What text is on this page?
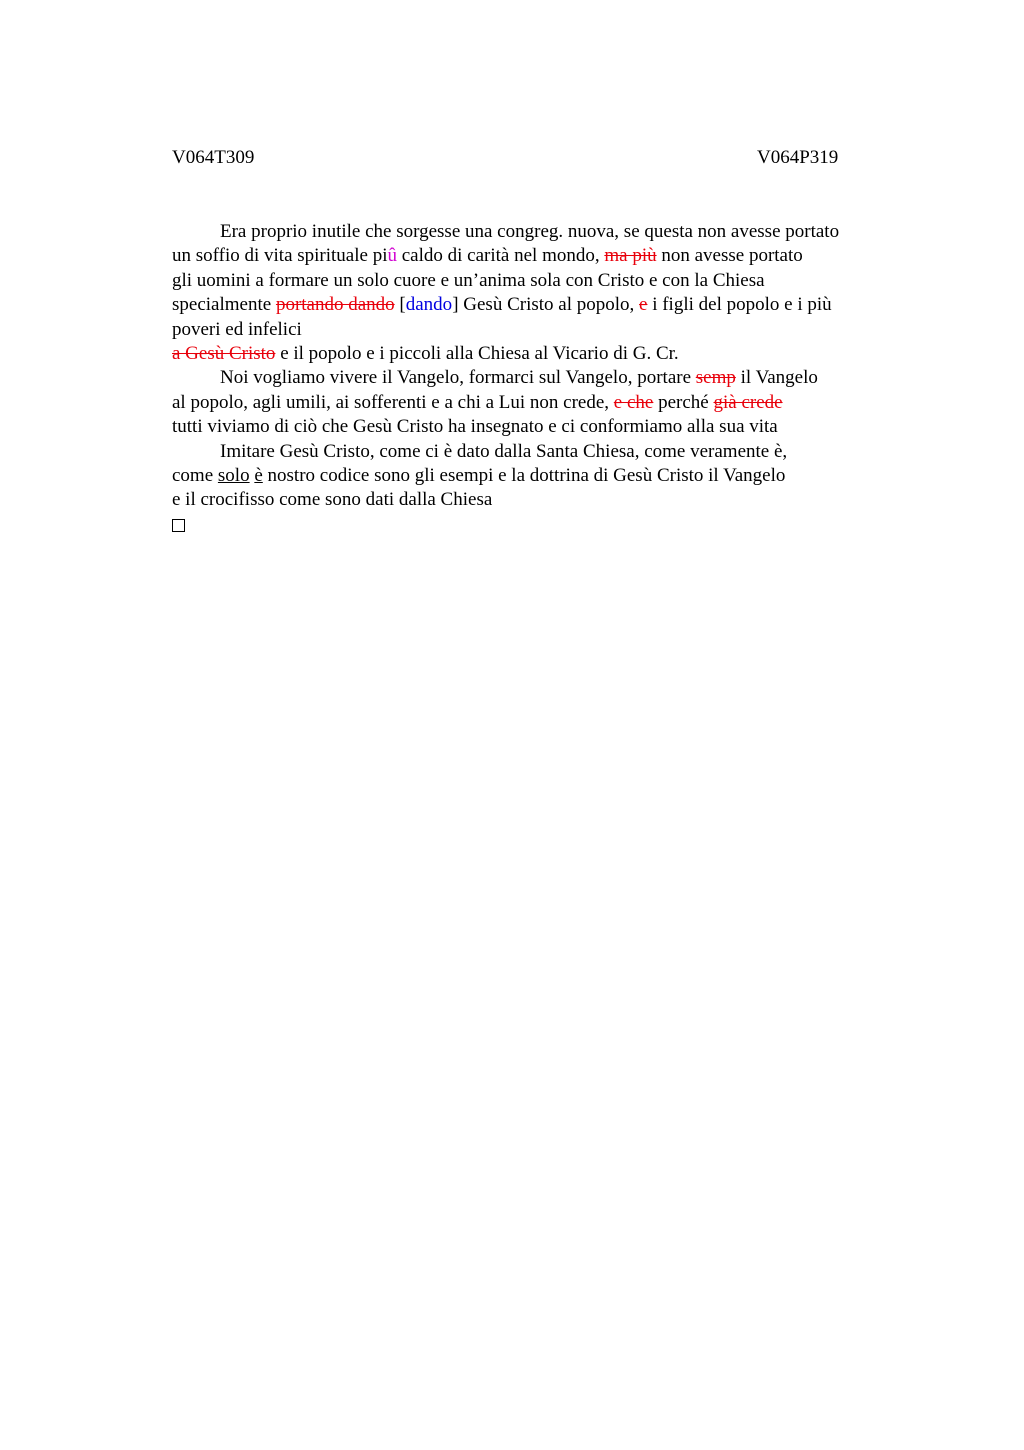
V064T309	V064P319
Era proprio inutile che sorgesse una congreg. nuova, se questa non avesse portato
un soffio di vita spirituale piû caldo di carità nel mondo, ma più non avesse portato
gli uomini a formare un solo cuore e un’anima sola con Cristo e con la Chiesa
specialmente portando dando [dando] Gesù Cristo al popolo, e i figli del popolo e i più
poveri ed infelici
a Gesù Cristo e il popolo e i piccoli alla Chiesa al Vicario di G. Cr.
Noi vogliamo vivere il Vangelo, formarci sul Vangelo, portare semp il Vangelo
al popolo, agli umili, ai sofferenti e a chi a Lui non crede, e che perché già crede
tutti viviamo di ciò che Gesù Cristo ha insegnato e ci conformiamo alla sua vita
Imitare Gesù Cristo, come ci è dato dalla Santa Chiesa, come veramente è,
come solo è nostro codice sono gli esempi e la dottrina di Gesù Cristo il Vangelo
e il crocifisso come sono dati dalla Chiesa
